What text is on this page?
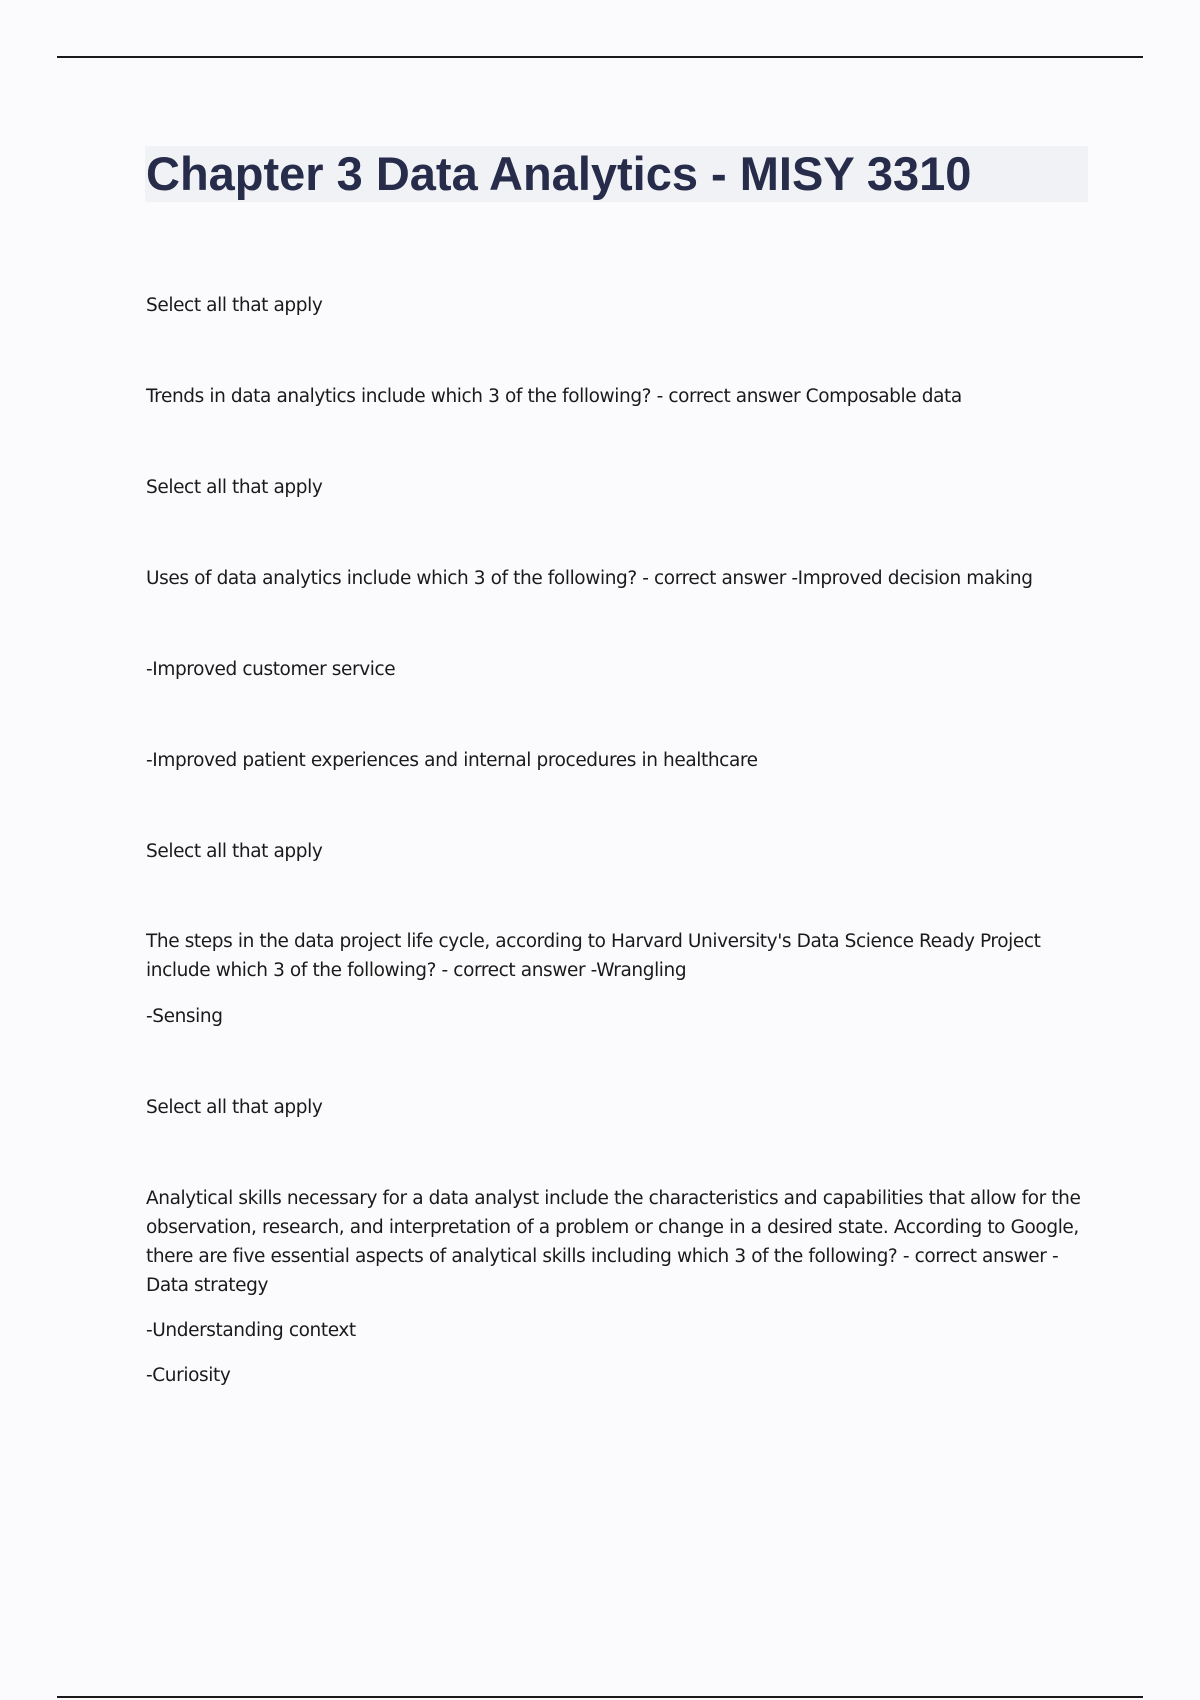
Chapter 3 Data Analytics - MISY 3310

Select all that apply

Trends in data analytics include which 3 of the following? - correct answer Composable data

Select all that apply

Uses of data analytics include which 3 of the following? - correct answer -Improved decision making

-Improved customer service

-Improved patient experiences and internal procedures in healthcare

Select all that apply

The steps in the data project life cycle, according to Harvard University's Data Science Ready Project include which 3 of the following? - correct answer -Wrangling

-Sensing

Select all that apply

Analytical skills necessary for a data analyst include the characteristics and capabilities that allow for the observation, research, and interpretation of a problem or change in a desired state. According to Google, there are five essential aspects of analytical skills including which 3 of the following? - correct answer - Data strategy

-Understanding context

-Curiosity
